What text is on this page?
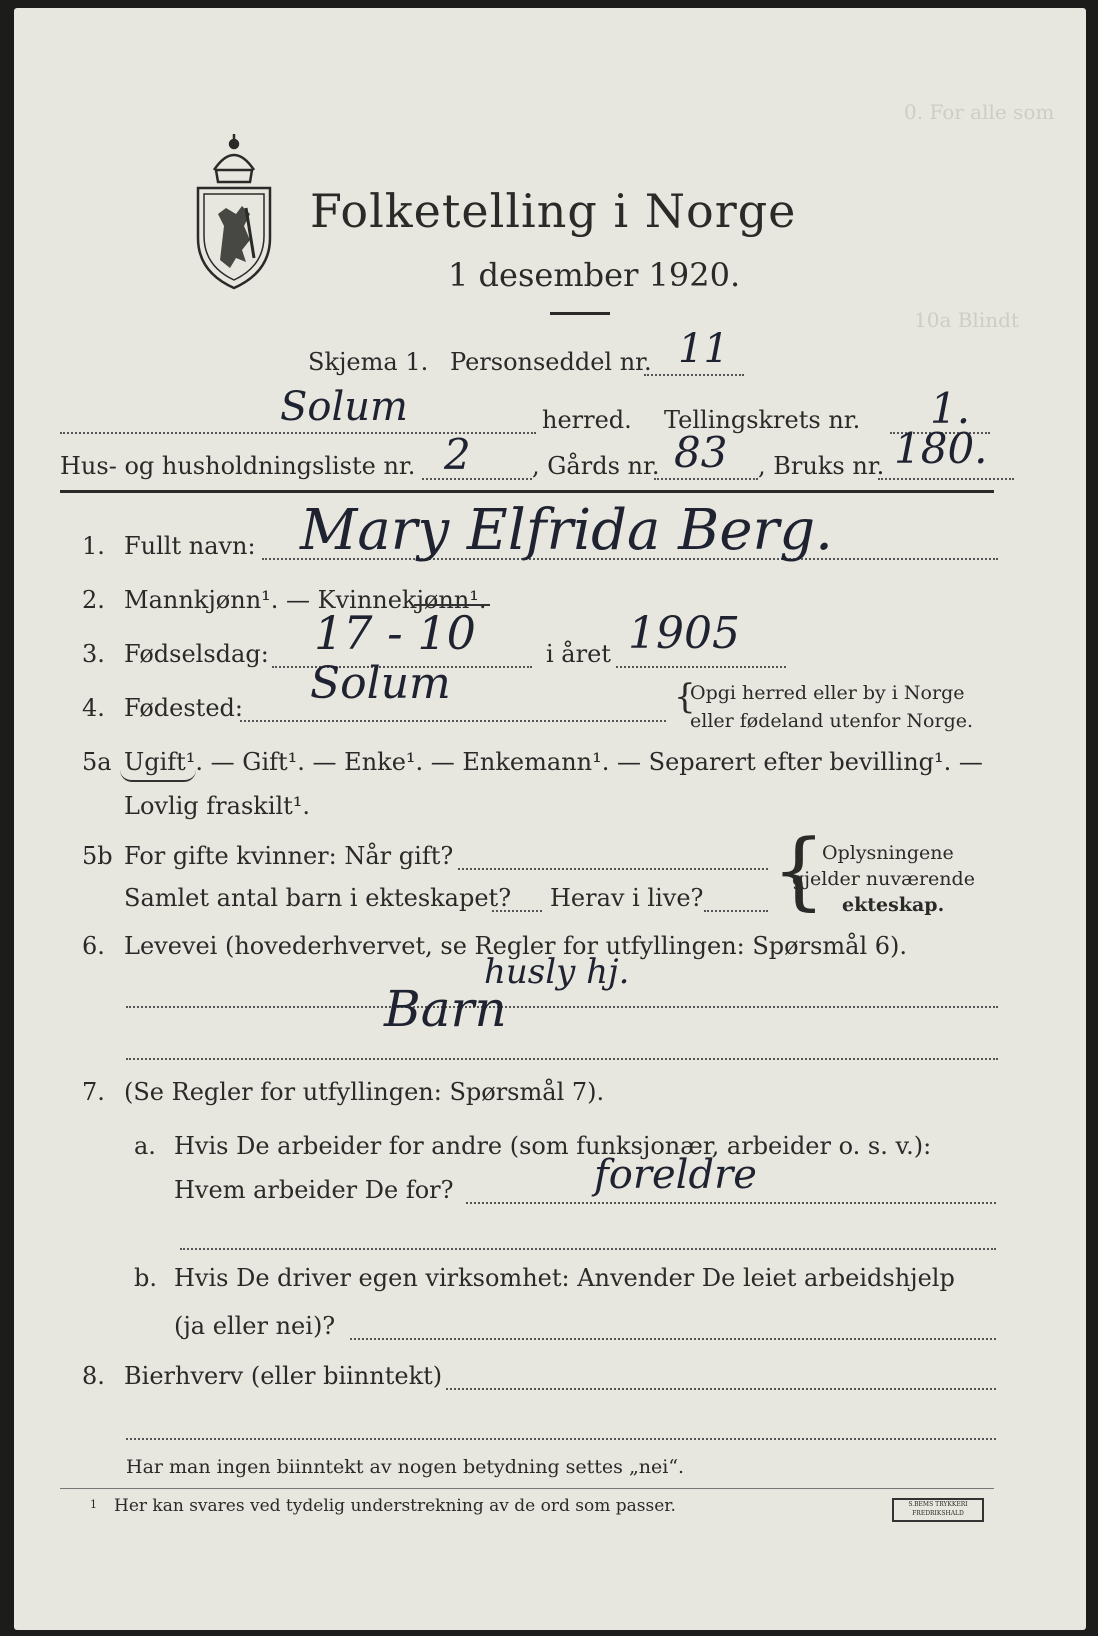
0. For alle som
10a Blindt
Folketelling i Norge
1 desember 1920.
Skjema 1. Personseddel nr. 11
Solum	herred. Tellingskrets nr. 1.
Hus- og husholdningsliste nr. 2	, Gårds nr. 83 , Bruks nr. 180.
1. Fullt navn: Mary Elfrida Berg.
2. Mannkjønn¹. — Kvinnekjønn¹.
3. Fødselsdag: 17 - 10	i året 1905
4. Fødested: Solum	{
Opgi herred eller by i Norge
eller fødeland utenfor Norge.
5a Ugift¹. — Gift¹. — Enke¹. — Enkemann¹. — Separert efter bevilling¹. —
Lovlig fraskilt¹.
5b For gifte kvinner: Når gift?
Samlet antal barn i ekteskapet? Herav i live? {
Oplysningene
gjelder nuværende
ekteskap.
6. Levevei (hovederhvervet, se Regler for utfyllingen: Spørsmål 6).
husly hj.
Barn
7. (Se Regler for utfyllingen: Spørsmål 7).
a. Hvis De arbeider for andre (som funksjonær, arbeider o. s. v.):
Hvem arbeider De for?	foreldre
b. Hvis De driver egen virksomhet: Anvender De leiet arbeidshjelp
(ja eller nei)?
8. Bierhverv (eller biinntekt)
Har man ingen biinntekt av nogen betydning settes „nei“.
1 Her kan svares ved tydelig understrekning av de ord som passer.	S.BEMS TRYKKERI FREDRIKSHALD
